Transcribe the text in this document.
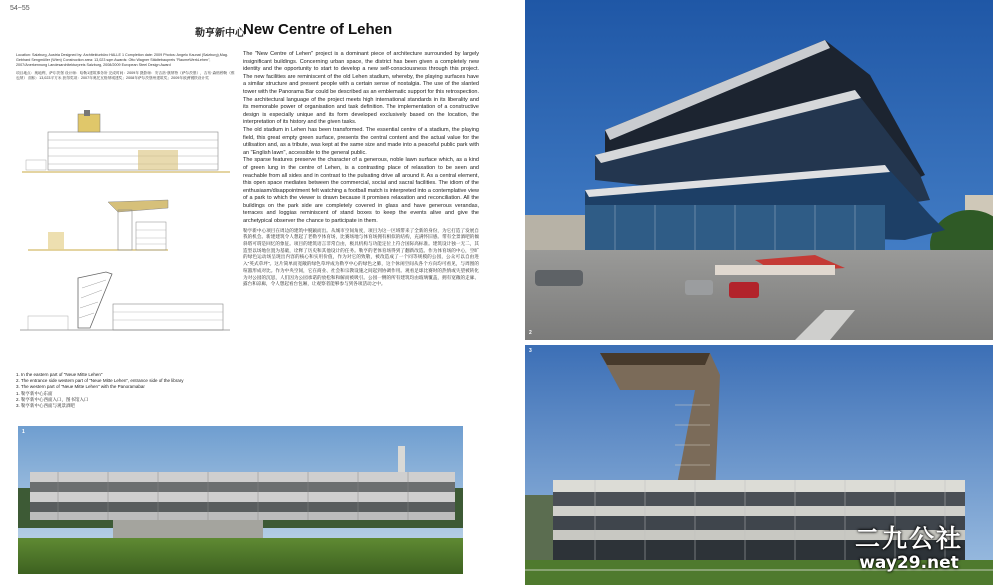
54~55
勒亨新中心
New Centre of Lehen
Location: Salzburg, Austria Designed by: Architekturbüro HALLE 1 Completion date: 2009 Photos: Angelo Kaunat (Salzburg),Mag. Gebhard Sengmüller (Wien) Construction area: 13,023 sqm Awards: Otto Wagner Städtebaupreis "RaumeWerkLehen", 2007/Anerkennung Landesarchitekturpreis Salzburg, 2008/2009 European Steel Design Award
项目地点：奥地利，萨尔茨堡 设计师：哈勒1建筑事务所 完成时间：2009年 摄影师：安吉洛·康纳特（萨尔茨堡），吉布·森格穆勒（维也纳） 面积：13,023平方米 获得奖项：2007年奥托瓦格纳城建奖；2008年萨尔茨堡州建筑奖；2009年欧洲钢铁设计奖

The "New Centre of Lehen" project is a dominant piece of architecture surrounded by largely insignificant buildings. Concerning urban space, the district has been given a completely new identity and the opportunity to start to develop a new self-consciousness through this project. The new facilities are reminiscent of the old Lehen stadium, whereby, the playing surfaces have a similar structure and present people with a certain sense of nostalgia. The use of the slanted tower with the Panorama Bar could be described as an emblematic support for this retrospection.

The architectural language of the project meets high international standards in its liberality and its memorable power of organisation and task definition. The implementation of a constructive design is especially unique and its form developed exclusively based on the location, the interpretation of its history and the given tasks.

The old stadium in Lehen has been transformed. The essential centre of a stadium, the playing field, this great empty green surface, presents the central content and the actual value for the utilisation and, as a tribute, was kept at the same size and made into a peaceful public park with an "English lawn", accessible to the general public.

The sparse features preserve the character of a generous, noble lawn surface which, as a kind of green lung in the centre of Lehen, is a contrasting place of relaxation to be seen and reachable from all sides and in contrast to the pulsating drive all around it. As a central element, this open space mediates between the commercial, social and sacral facilities. The idiom of the enthusiasm/disappointment felt watching a football match is interpreted into a contemplative view of a park to which the viewer is drawn because it promises relaxation and reconciliation. All the buildings on the park side are completely covered in glass and have generous verandas, terraces and loggias reminiscent of stand boxes to keep the events alive and give the archetypical observer the chance to participate in them.

勒亨新中心项目在周边的建筑中脱颖而出。从城市空间角度，项目为这一区域带来了全新的身份，为它打造了发展自我的机会。新建建筑令人想起了老勒亨体育场，比赛场地与体育场拥有相似的结构，充满怀旧感。带有全景酒吧的倾斜塔可谓是回忆的象征。项目的建筑语言非常自由，极具机构与功能定位上符合国际高标准。建筑设计独一无二，其造型以场地位置为基础，诠释了历史和其他设计的任务。勒亨的老体育场得到了翻新改造。作为体育场的中心，空旷的绿色运动场呈现出内容的核心和实用价值，作为对它的致敬，被改造成了一个同等规模的公园，公众可以自由进入"英式草坪"。这片简单而宽敞的绿色草坪成为勒亨中心的绿色之肺，这个休闲空间从各个方向均可看见，与周围的喧嚣形成对比。作为中央空间，它在商业、社会和宗教设施之间起到协调作用。观看足球比赛时的热情或失望被转化为对公园的沉思，人们因为公园承诺的放松和和解而被吸引。公园一侧的所有建筑均由玻璃覆盖，拥有宽敞的走廊、露台和凉廊，令人想起看台包厢，让观察者能够参与到各项活动之中。

1. In the eastern part of "Neue Mitte Lehen"
2. The entrance side western part of "Neue Mitte Lehen", entrance side of the library
3. The western part of "Neue Mitte Lehen" with the Panoramabar
1. 勒亨新中心东面
2. 勒亨新中心西面入口，图书馆入口
3. 勒亨新中心西面与观景酒吧
1
2
3
二九公社
way29.net
